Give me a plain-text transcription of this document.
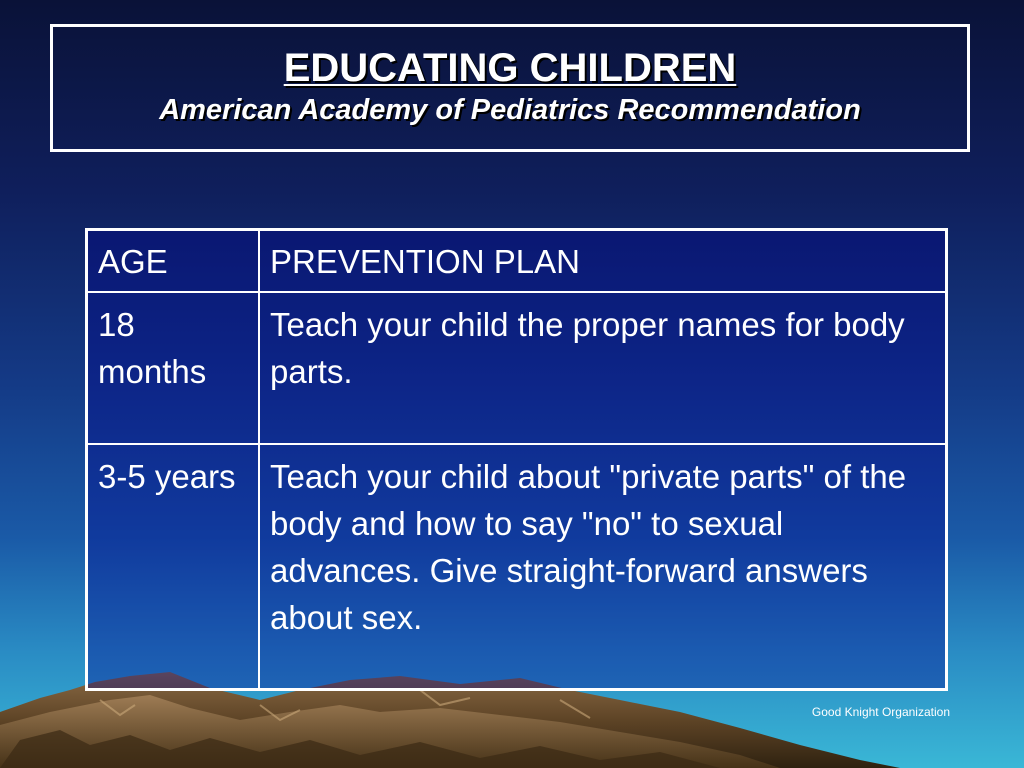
EDUCATING CHILDREN
American Academy of Pediatrics Recommendation
AGE	PREVENTION PLAN
18 months	Teach your child the proper names for body parts.
3-5 years	Teach your child about "private parts" of the body and how to say "no" to sexual advances. Give straight-forward answers about sex.
Good Knight Organization
